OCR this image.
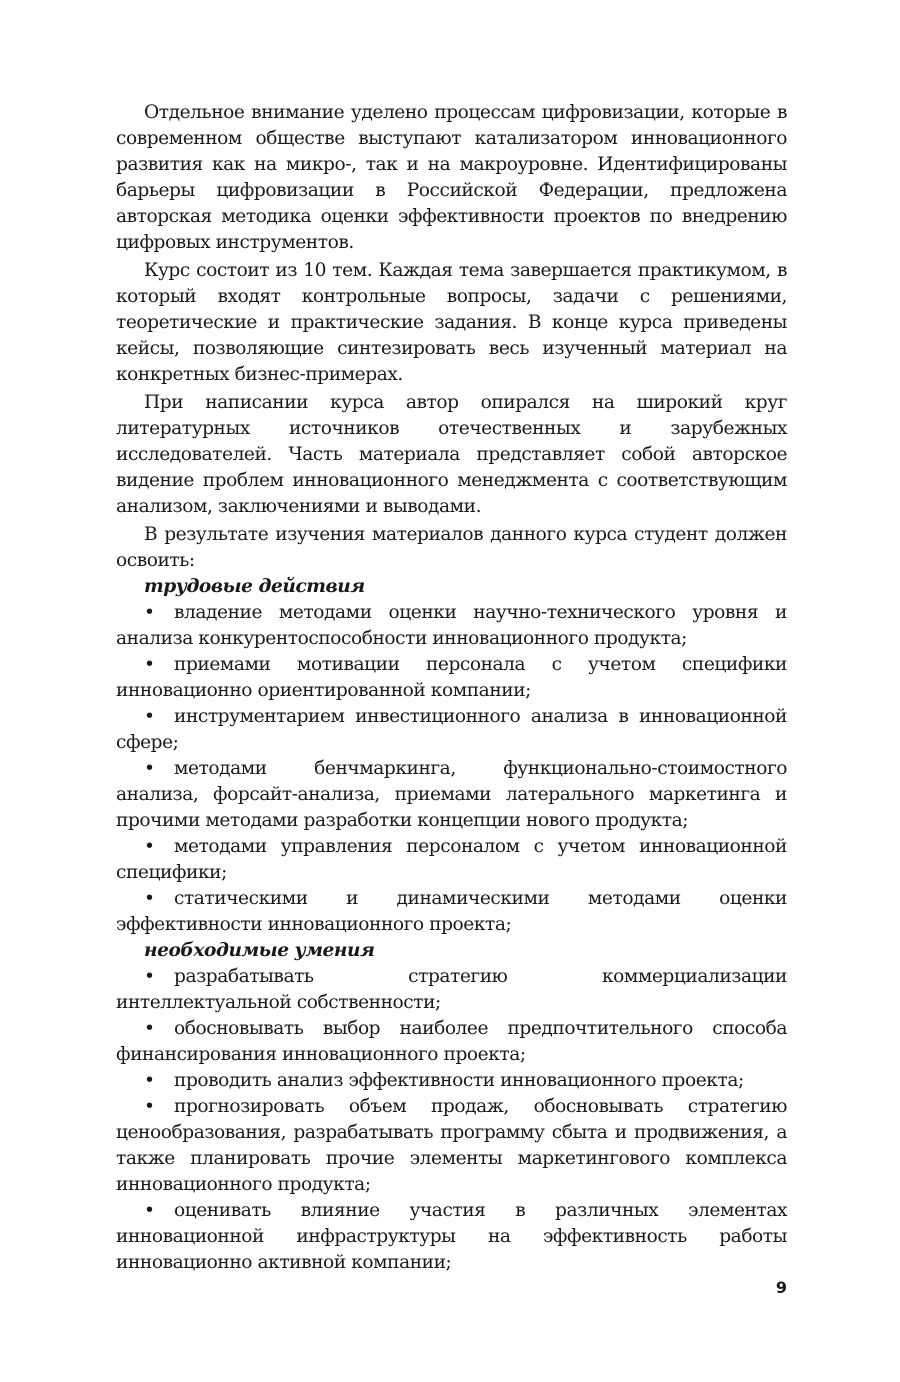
Отдельное внимание уделено процессам цифровизации, которые в современном обществе выступают катализатором инновационного развития как на микро-, так и на макроуровне. Идентифицированы барьеры цифровизации в Российской Федерации, предложена авторская методика оценки эффективности проектов по внедрению цифровых инструментов.

Курс состоит из 10 тем. Каждая тема завершается практикумом, в который входят контрольные вопросы, задачи с решениями, теоретические и практические задания. В конце курса приведены кейсы, позволяющие синтезировать весь изученный материал на конкретных бизнес-примерах.

При написании курса автор опирался на широкий круг литературных источников отечественных и зарубежных исследователей. Часть материала представляет собой авторское видение проблем инновационного менеджмента с соответствующим анализом, заключениями и выводами.

В результате изучения материалов данного курса студент должен освоить:

трудовые действия

• владение методами оценки научно-технического уровня и анализа конкурентоспособности инновационного продукта;

• приемами мотивации персонала с учетом специфики инновационно ориентированной компании;

• инструментарием инвестиционного анализа в инновационной сфере;

• методами бенчмаркинга, функционально-стоимостного анализа, форсайт-анализа, приемами латерального маркетинга и прочими методами разработки концепции нового продукта;

• методами управления персоналом с учетом инновационной специфики;

• статическими и динамическими методами оценки эффективности инновационного проекта;

необходимые умения

• разрабатывать стратегию коммерциализации интеллектуальной собственности;

• обосновывать выбор наиболее предпочтительного способа финансирования инновационного проекта;

• проводить анализ эффективности инновационного проекта;

• прогнозировать объем продаж, обосновывать стратегию ценообразования, разрабатывать программу сбыта и продвижения, а также планировать прочие элементы маркетингового комплекса инновационного продукта;

• оценивать влияние участия в различных элементах инновационной инфраструктуры на эффективность работы инновационно активной компании;

9
